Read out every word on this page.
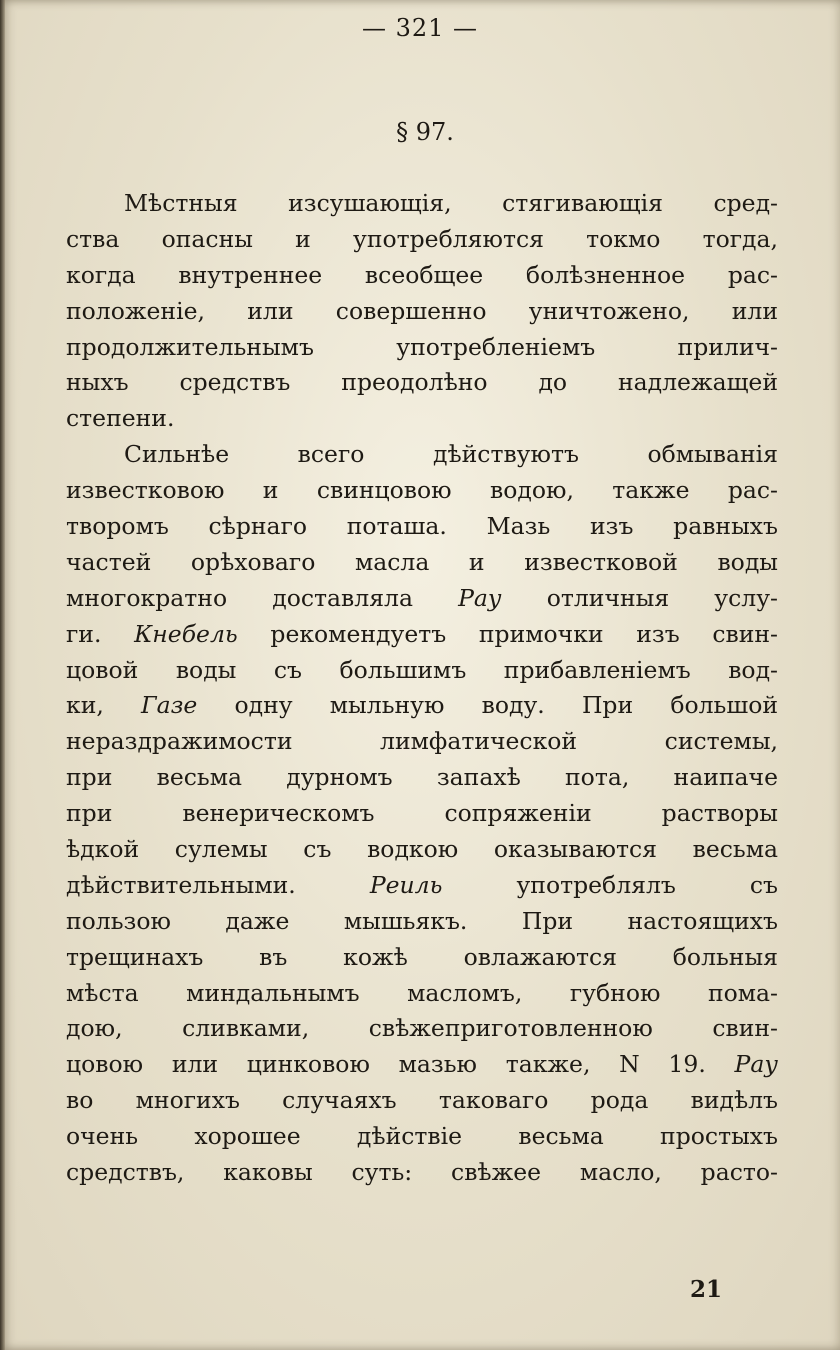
— 321 —
§ 97.
Мѣстныя изсушающія, стягивающія сред-
ства опасны и употребляются токмо тогда,
когда внутреннее всеобщее болѣзненное рас-
положеніе, или совершенно уничтожено, или
продолжительнымъ употребленіемъ прилич-
ныхъ средствъ преодолѣно до надлежащей
степени.
Сильнѣе всего дѣйствуютъ обмыванія
известковою и свинцовою водою, также рас-
творомъ сѣрнаго поташа. Мазь изъ равныхъ
частей орѣховаго масла и известковой воды
многократно доставляла Рау отличныя услу-
ги. Кнебель рекомендуетъ примочки изъ свин-
цовой воды съ большимъ прибавленіемъ вод-
ки, Газе одну мыльную воду. При большой
нераздражимости лимфатической системы,
при весьма дурномъ запахѣ пота, наипаче
при венерическомъ сопряженіи растворы
ѣдкой сулемы съ водкою оказываются весьма
дѣйствительными. Реиль употреблялъ съ
пользою даже мышьякъ. При настоящихъ
трещинахъ въ кожѣ овлажаются больныя
мѣста миндальнымъ масломъ, губною пома-
дою, сливками, свѣжеприготовленною свин-
цовою или цинковою мазью также, N 19. Рау
во многихъ случаяхъ таковаго рода видѣлъ
очень хорошее дѣйствіе весьма простыхъ
средствъ, каковы суть: свѣжее масло, расто-
21
